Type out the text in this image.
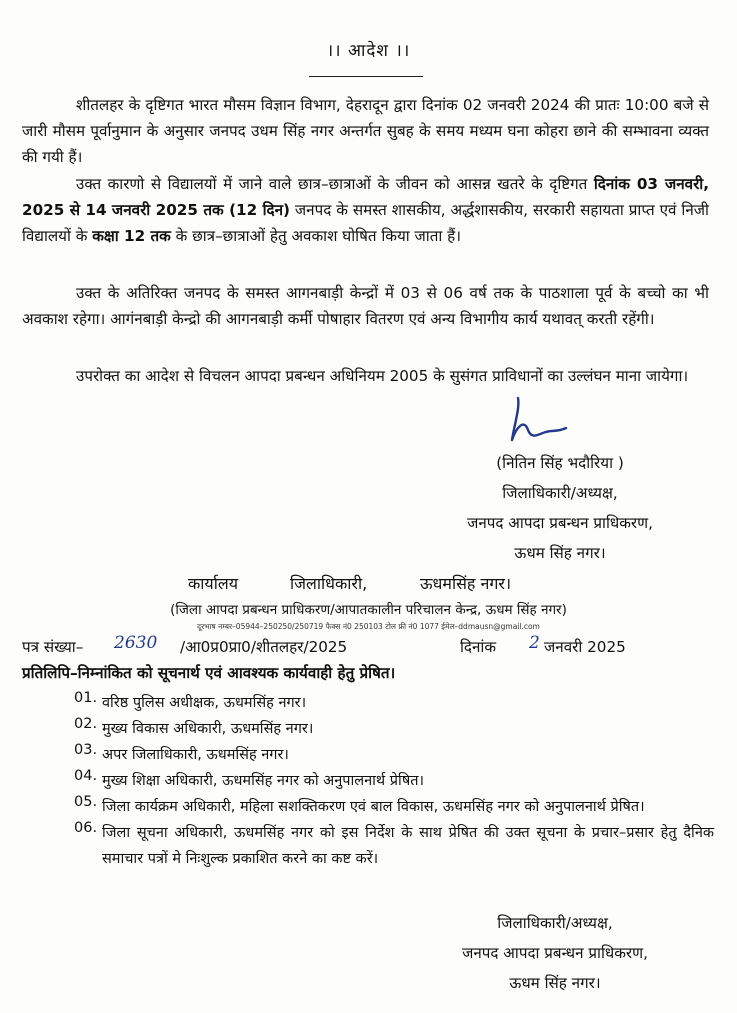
।। आदेश ।।

शीतलहर के दृष्टिगत भारत मौसम विज्ञान विभाग, देहरादून द्वारा दिनांक 02 जनवरी 2024 की प्रातः 10:00 बजे से जारी मौसम पूर्वानुमान के अनुसार जनपद उधम सिंह नगर अन्तर्गत सुबह के समय मध्यम घना कोहरा छाने की सम्भावना व्यक्त की गयी हैं।

उक्त कारणो से विद्यालयों में जाने वाले छात्र–छात्राओं के जीवन को आसन्न खतरे के दृष्टिगत दिनांक 03 जनवरी, 2025 से 14 जनवरी 2025 तक (12 दिन) जनपद के समस्त शासकीय, अर्द्धशासकीय, सरकारी सहायता प्राप्त एवं निजी विद्यालयों के कक्षा 12 तक के छात्र–छात्राओं हेतु अवकाश घोषित किया जाता हैं।

उक्त के अतिरिक्त जनपद के समस्त आगनबाड़ी केन्द्रों में 03 से 06 वर्ष तक के पाठशाला पूर्व के बच्चो का भी अवकाश रहेगा। आगंनबाड़ी केन्द्रो की आगनबाड़ी कर्मी पोषाहार वितरण एवं अन्य विभागीय कार्य यथावत् करती रहेंगी।

उपरोक्त का आदेश से विचलन आपदा प्रबन्धन अधिनियम 2005 के सुसंगत प्राविधानों का उल्लंघन माना जायेगा।

(नितिन सिंह भदौरिया )
जिलाधिकारी/अध्यक्ष,
जनपद आपदा प्रबन्धन प्राधिकरण,
ऊधम सिंह नगर।
कार्यालय	जिलाधिकारी,	ऊधमसिंह नगर।
(जिला आपदा प्रबन्धन प्राधिकरण/आपातकालीन परिचालन केन्द्र, ऊधम सिंह नगर)
दूरभाष नम्बर–05944–250250/250719 फैक्स नं0 250103 टोल फ्री नं0 1077 ईमेल–ddmausn@gmail.com
पत्र संख्या– 2630 /आ0प्र0प्रा0/शीतलहर/2025	दिनांक 2 जनवरी 2025
प्रतिलिपि–निम्नांकित को सूचनार्थ एवं आवश्यक कार्यवाही हेतु प्रेषित।
01. वरिष्ठ पुलिस अधीक्षक, ऊधमसिंह नगर।
02. मुख्य विकास अधिकारी, ऊधमसिंह नगर।
03. अपर जिलाधिकारी, ऊधमसिंह नगर।
04. मुख्य शिक्षा अधिकारी, ऊधमसिंह नगर को अनुपालनार्थ प्रेषित।
05. जिला कार्यक्रम अधिकारी, महिला सशक्तिकरण एवं बाल विकास, ऊधमसिंह नगर को अनुपालनार्थ प्रेषित।
06. जिला सूचना अधिकारी, ऊधमसिंह नगर को इस निर्देश के साथ प्रेषित की उक्त सूचना के प्रचार–प्रसार हेतु दैनिक समाचार पत्रों मे निःशुल्क प्रकाशित करने का कष्ट करें।
जिलाधिकारी/अध्यक्ष,
जनपद आपदा प्रबन्धन प्राधिकरण,
ऊधम सिंह नगर।
